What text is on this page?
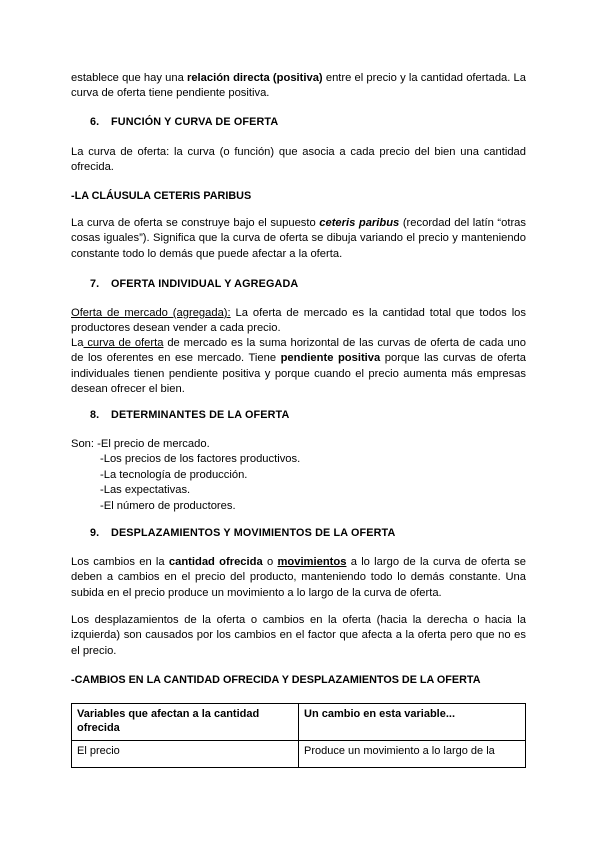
establece que hay una relación directa (positiva) entre el precio y la cantidad ofertada. La curva de oferta tiene pendiente positiva.

6. FUNCIÓN Y CURVA DE OFERTA

La curva de oferta: la curva (o función) que asocia a cada precio del bien una cantidad ofrecida.

-LA CLÁUSULA CETERIS PARIBUS

La curva de oferta se construye bajo el supuesto ceteris paribus (recordad del latín “otras cosas iguales”). Significa que la curva de oferta se dibuja variando el precio y manteniendo constante todo lo demás que puede afectar a la oferta.

7. OFERTA INDIVIDUAL Y AGREGADA

Oferta de mercado (agregada): La oferta de mercado es la cantidad total que todos los productores desean vender a cada precio.

La curva de oferta de mercado es la suma horizontal de las curvas de oferta de cada uno de los oferentes en ese mercado. Tiene pendiente positiva porque las curvas de oferta individuales tienen pendiente positiva y porque cuando el precio aumenta más empresas desean ofrecer el bien.

8. DETERMINANTES DE LA OFERTA

Son: -El precio de mercado.

-Los precios de los factores productivos.

-La tecnología de producción.

-Las expectativas.

-El número de productores.

9. DESPLAZAMIENTOS Y MOVIMIENTOS DE LA OFERTA

Los cambios en la cantidad ofrecida o movimientos a lo largo de la curva de oferta se deben a cambios en el precio del producto, manteniendo todo lo demás constante. Una subida en el precio produce un movimiento a lo largo de la curva de oferta.

Los desplazamientos de la oferta o cambios en la oferta (hacia la derecha o hacia la izquierda) son causados por los cambios en el factor que afecta a la oferta pero que no es el precio.

-CAMBIOS EN LA CANTIDAD OFRECIDA Y DESPLAZAMIENTOS DE LA OFERTA

Variables que afectan a la cantidad ofrecida	Un cambio en esta variable...
El precio	Produce un movimiento a lo largo de la
